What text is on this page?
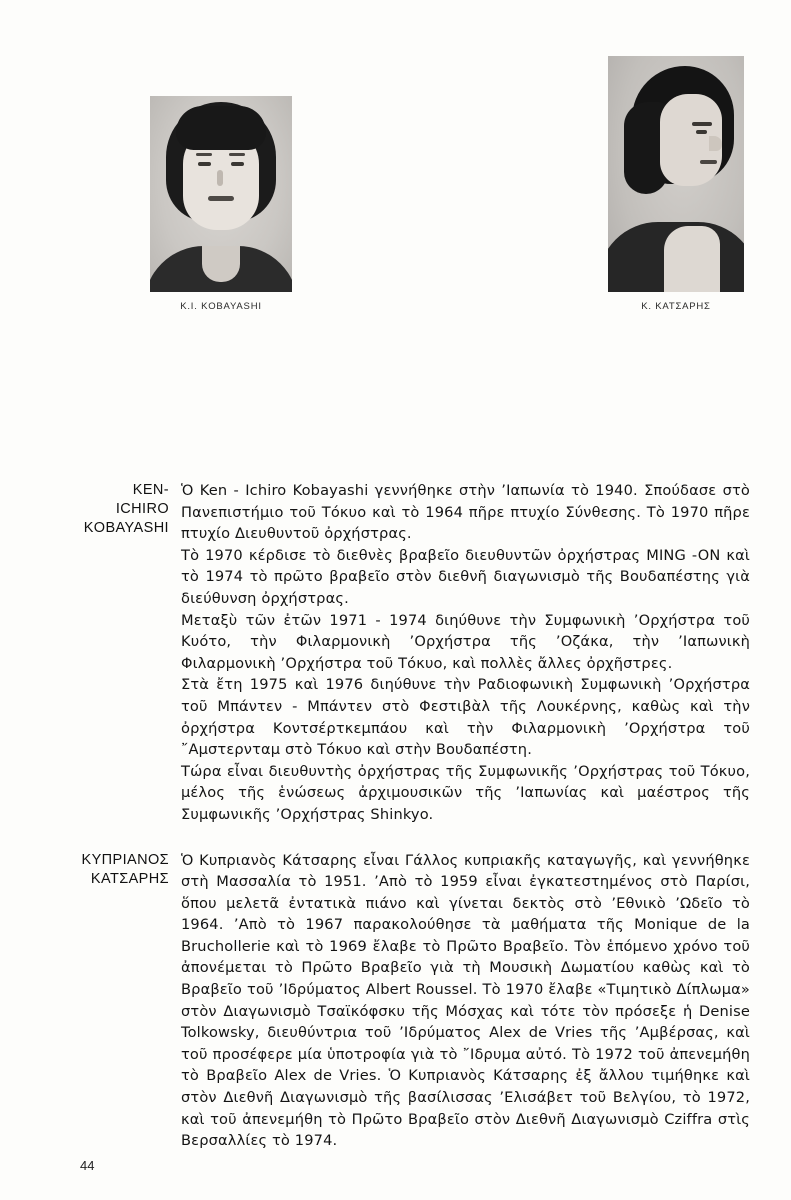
Κ.Ι. KOBAYASHI	Κ. ΚΑΤΣΑΡΗΣ
KEN-
ICHIRO
KOBAYASHI

Ὁ Ken - Ichiro Kobayashi γεννήθηκε στὴν ’Ιαπωνία τὸ 1940. Σπούδασε στὸ Πανεπιστήμιο τοῦ Τόκυο καὶ τὸ 1964 πῆρε πτυχίο Σύνθεσης. Τὸ 1970 πῆρε πτυχίο Διευθυντοῦ ὀρχήστρας.

Τὸ 1970 κέρδισε τὸ διεθνὲς βραβεῖο διευθυντῶν ὀρχήστρας MING -ON καὶ τὸ 1974 τὸ πρῶτο βραβεῖο στὸν διεθνῆ διαγωνισμὸ τῆς Βουδαπέστης γιὰ διεύθυνση ὀρχήστρας.

Μεταξὺ τῶν ἐτῶν 1971 - 1974 διηύθυνε τὴν Συμφωνικὴ ’Ορχήστρα τοῦ Κυότο, τὴν Φιλαρμονικὴ ’Ορχήστρα τῆς ’Οζάκα, τὴν ’Ιαπωνικὴ Φιλαρμονικὴ ’Ορχήστρα τοῦ Τόκυο, καὶ πολλὲς ἄλλες ὀρχῆστρες.

Στὰ ἔτη 1975 καὶ 1976 διηύθυνε τὴν Ραδιοφωνικὴ Συμφωνικὴ ’Ορχήστρα τοῦ Μπάντεν - Μπάντεν στὸ Φεστιβὰλ τῆς Λουκέρνης, καθὼς καὶ τὴν ὀρχήστρα Κοντσέρτκεμπάου καὶ τὴν Φιλαρμονικὴ ’Ορχήστρα τοῦ ῎Αμστερνταμ στὸ Τόκυο καὶ στὴν Βουδαπέστη.

Τώρα εἶναι διευθυντὴς ὀρχήστρας τῆς Συμφωνικῆς ’Ορχήστρας τοῦ Τόκυο, μέλος τῆς ἑνώσεως ἀρχιμουσικῶν τῆς ’Ιαπωνίας καὶ μαέστρος τῆς Συμφωνικῆς ’Ορχήστρας Shinkyo.

ΚΥΠΡΙΑΝΟΣ
ΚΑΤΣΑΡΗΣ

Ὁ Κυπριανὸς Κάτσαρης εἶναι Γάλλος κυπριακῆς καταγωγῆς, καὶ γεννήθηκε στὴ Μασσαλία τὸ 1951. ’Απὸ τὸ 1959 εἶναι ἐγκατεστημένος στὸ Παρίσι, ὅπου μελετᾶ ἐντατικὰ πιάνο καὶ γίνεται δεκτὸς στὸ ’Εθνικὸ ’Ωδεῖο τὸ 1964. ’Απὸ τὸ 1967 παρακολούθησε τὰ μαθήματα τῆς Monique de la Bruchollerie καὶ τὸ 1969 ἔλαβε τὸ Πρῶτο Βραβεῖο. Τὸν ἑπόμενο χρόνο τοῦ ἀπονέμεται τὸ Πρῶτο Βραβεῖο γιὰ τὴ Μουσικὴ Δωματίου καθὼς καὶ τὸ Βραβεῖο τοῦ ’Ιδρύματος Albert Roussel. Τὸ 1970 ἔλαβε «Τιμητικὸ Δίπλωμα» στὸν Διαγωνισμὸ Τσαϊκόφσκυ τῆς Μόσχας καὶ τότε τὸν πρόσεξε ἡ Denise Tolkowsky, διευθύντρια τοῦ ’Ιδρύματος Alex de Vries τῆς ’Αμβέρσας, καὶ τοῦ προσέφερε μία ὑποτροφία γιὰ τὸ ῎Ιδρυμα αὐτό. Τὸ 1972 τοῦ ἀπενεμήθη τὸ Βραβεῖο Alex de Vries. Ὁ Κυπριανὸς Κάτσαρης ἐξ ἄλλου τιμήθηκε καὶ στὸν Διεθνῆ Διαγωνισμὸ τῆς βασίλισσας ’Ελισάβετ τοῦ Βελγίου, τὸ 1972, καὶ τοῦ ἀπενεμήθη τὸ Πρῶτο Βραβεῖο στὸν Διεθνῆ Διαγωνισμὸ Cziffra στὶς Βερσαλλίες τὸ 1974.

44
